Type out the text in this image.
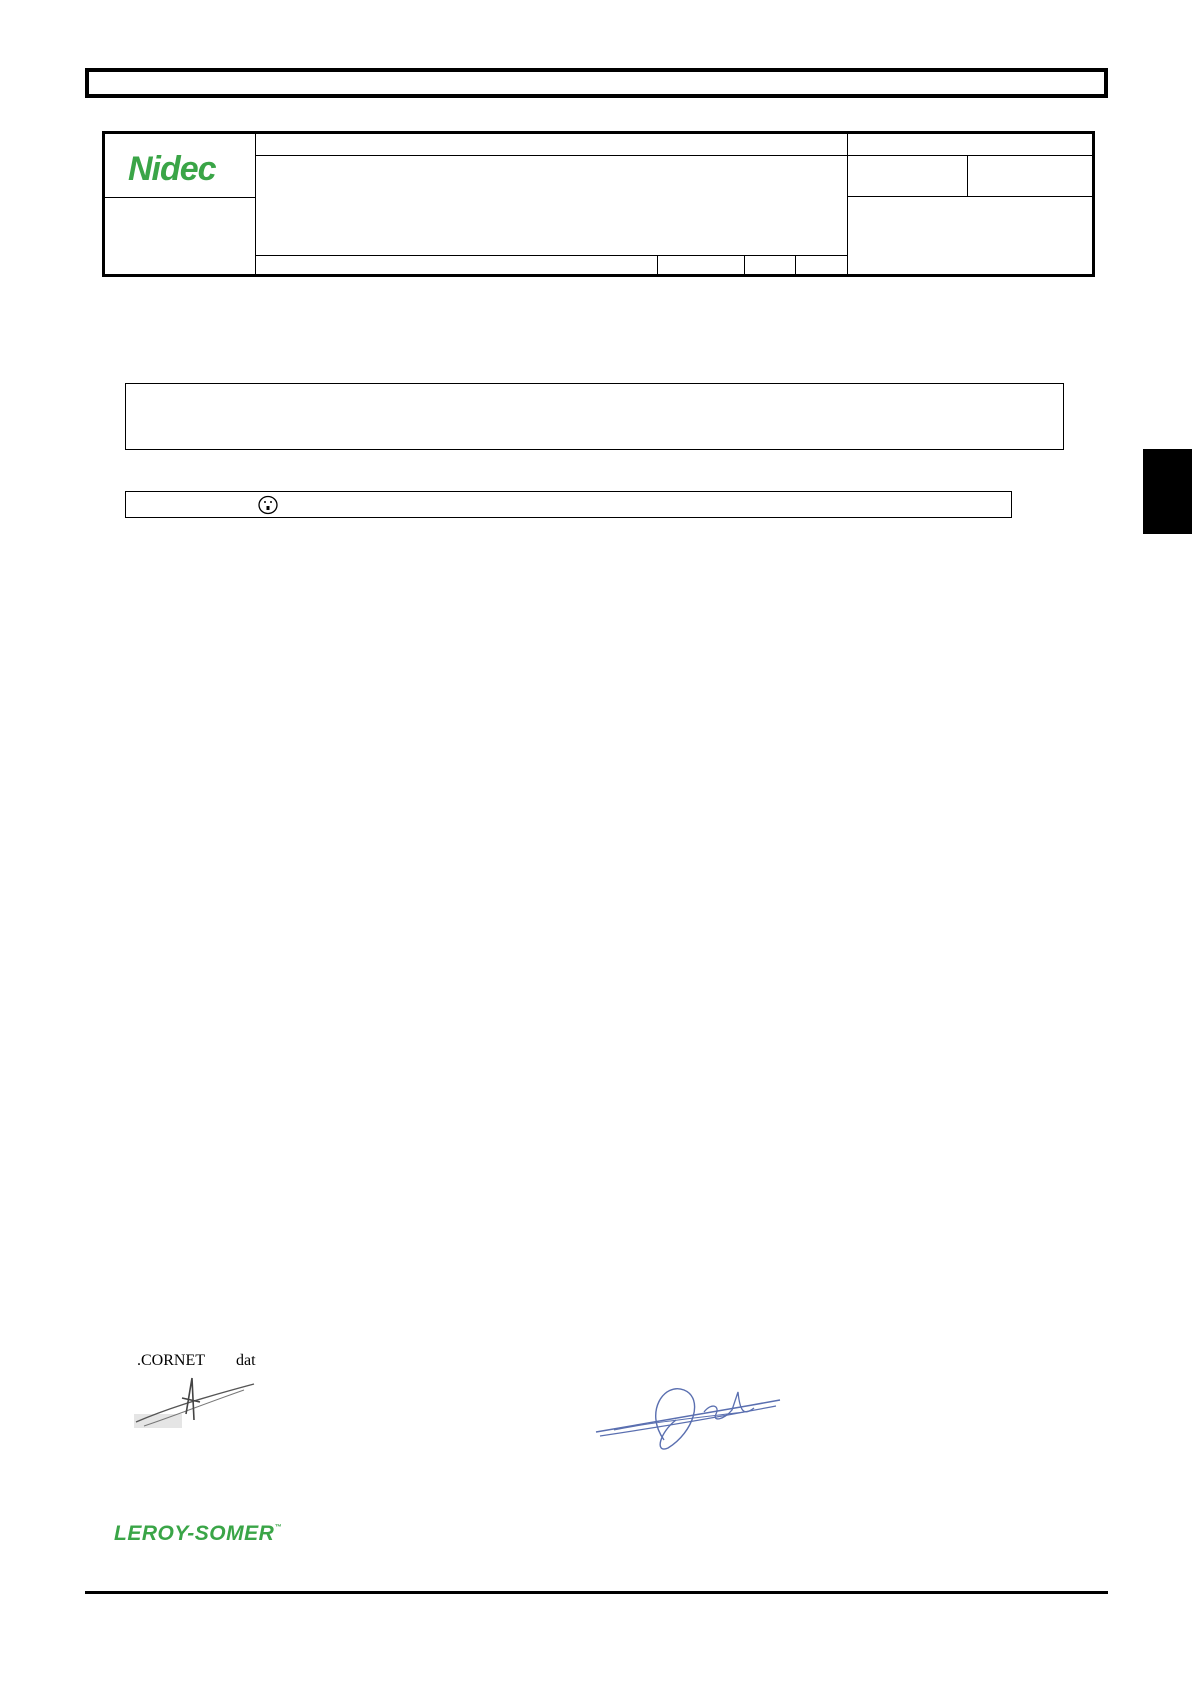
Nidec
.CORNET dat
LEROY-SOMER ™
